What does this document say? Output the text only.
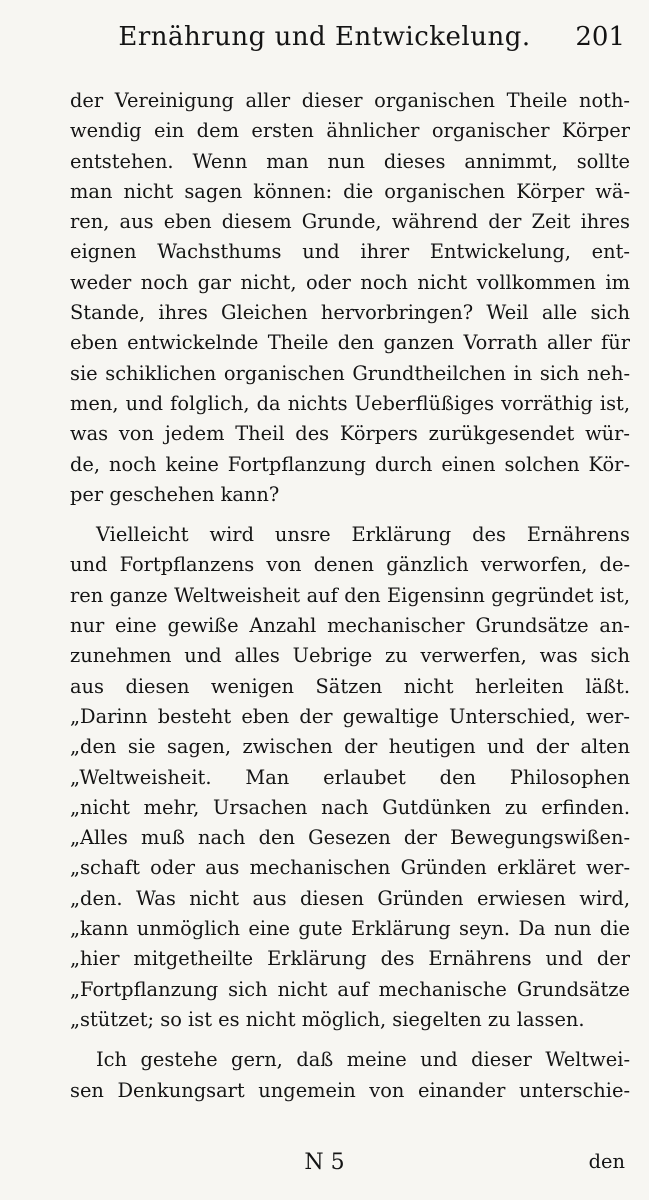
Ernährung und Entwickelung.	201
der Vereinigung aller dieser organischen Theile noth-
wendig ein dem ersten ähnlicher organischer Körper
entstehen. Wenn man nun dieses annimmt, sollte
man nicht sagen können: die organischen Körper wä-
ren, aus eben diesem Grunde, während der Zeit ihres
eignen Wachsthums und ihrer Entwickelung, ent-
weder noch gar nicht, oder noch nicht vollkommen im
Stande, ihres Gleichen hervorbringen? Weil alle sich
eben entwickelnde Theile den ganzen Vorrath aller für
sie schiklichen organischen Grundtheilchen in sich neh-
men, und folglich, da nichts Ueberflüßiges vorräthig ist,
was von jedem Theil des Körpers zurükgesendet wür-
de, noch keine Fortpflanzung durch einen solchen Kör-
per geschehen kann?
Vielleicht wird unsre Erklärung des Ernährens
und Fortpflanzens von denen gänzlich verworfen, de-
ren ganze Weltweisheit auf den Eigensinn gegründet ist,
nur eine gewiße Anzahl mechanischer Grundsätze an-
zunehmen und alles Uebrige zu verwerfen, was sich
aus diesen wenigen Sätzen nicht herleiten läßt.
„Darinn besteht eben der gewaltige Unterschied, wer-
„den sie sagen, zwischen der heutigen und der alten
„Weltweisheit. Man erlaubet den Philosophen
„nicht mehr, Ursachen nach Gutdünken zu erfinden.
„Alles muß nach den Gesezen der Bewegungswißen-
„schaft oder aus mechanischen Gründen erkläret wer-
„den. Was nicht aus diesen Gründen erwiesen wird,
„kann unmöglich eine gute Erklärung seyn. Da nun die
„hier mitgetheilte Erklärung des Ernährens und der
„Fortpflanzung sich nicht auf mechanische Grundsätze
„stützet; so ist es nicht möglich, siegelten zu lassen.
Ich gestehe gern, daß meine und dieser Weltwei-
sen Denkungsart ungemein von einander unterschie-
N 5	den
